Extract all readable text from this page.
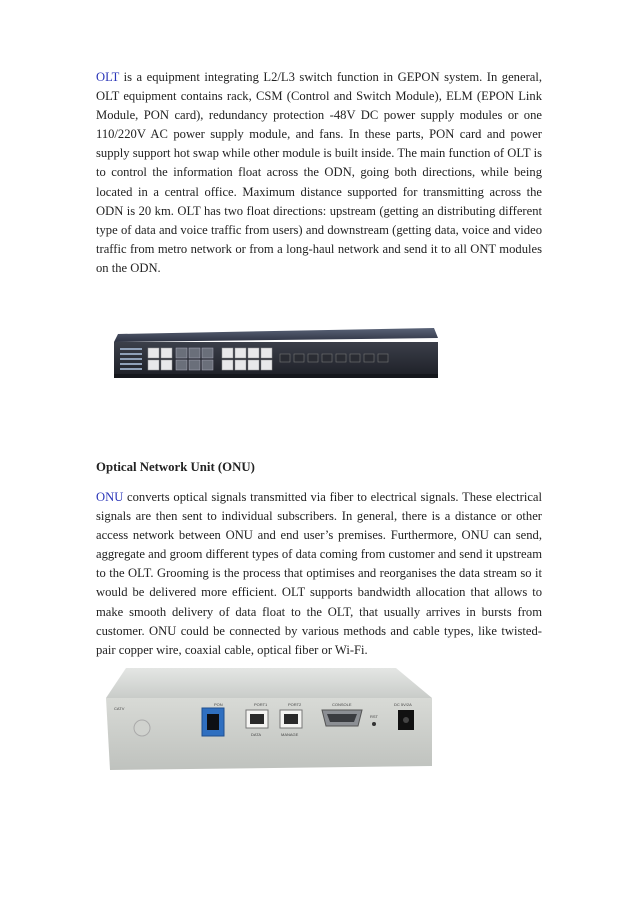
OLT is a equipment integrating L2/L3 switch function in GEPON system. In general, OLT equipment contains rack, CSM (Control and Switch Module), ELM (EPON Link Module, PON card), redundancy protection -48V DC power supply modules or one 110/220V AC power supply module, and fans. In these parts, PON card and power supply support hot swap while other module is built inside. The main function of OLT is to control the information float across the ODN, going both directions, while being located in a central office. Maximum distance supported for transmitting across the ODN is 20 km. OLT has two float directions: upstream (getting an distributing different type of data and voice traffic from users) and downstream (getting data, voice and video traffic from metro network or from a long-haul network and send it to all ONT modules on the ODN.

Optical Network Unit (ONU)

ONU converts optical signals transmitted via fiber to electrical signals. These electrical signals are then sent to individual subscribers. In general, there is a distance or other access network between ONU and end user’s premises. Furthermore, ONU can send, aggregate and groom different types of data coming from customer and send it upstream to the OLT. Grooming is the process that optimises and reorganises the data stream so it would be delivered more efficient. OLT supports bandwidth allocation that allows to make smooth delivery of data float to the OLT, that usually arrives in bursts from customer. ONU could be connected by various methods and cable types, like twisted-pair copper wire, coaxial cable, optical fiber or Wi-Fi.

CATV
PON	PORT1
DATA
PORT2
MANAGE
CONSOLE
RST
DC 5V/2A
